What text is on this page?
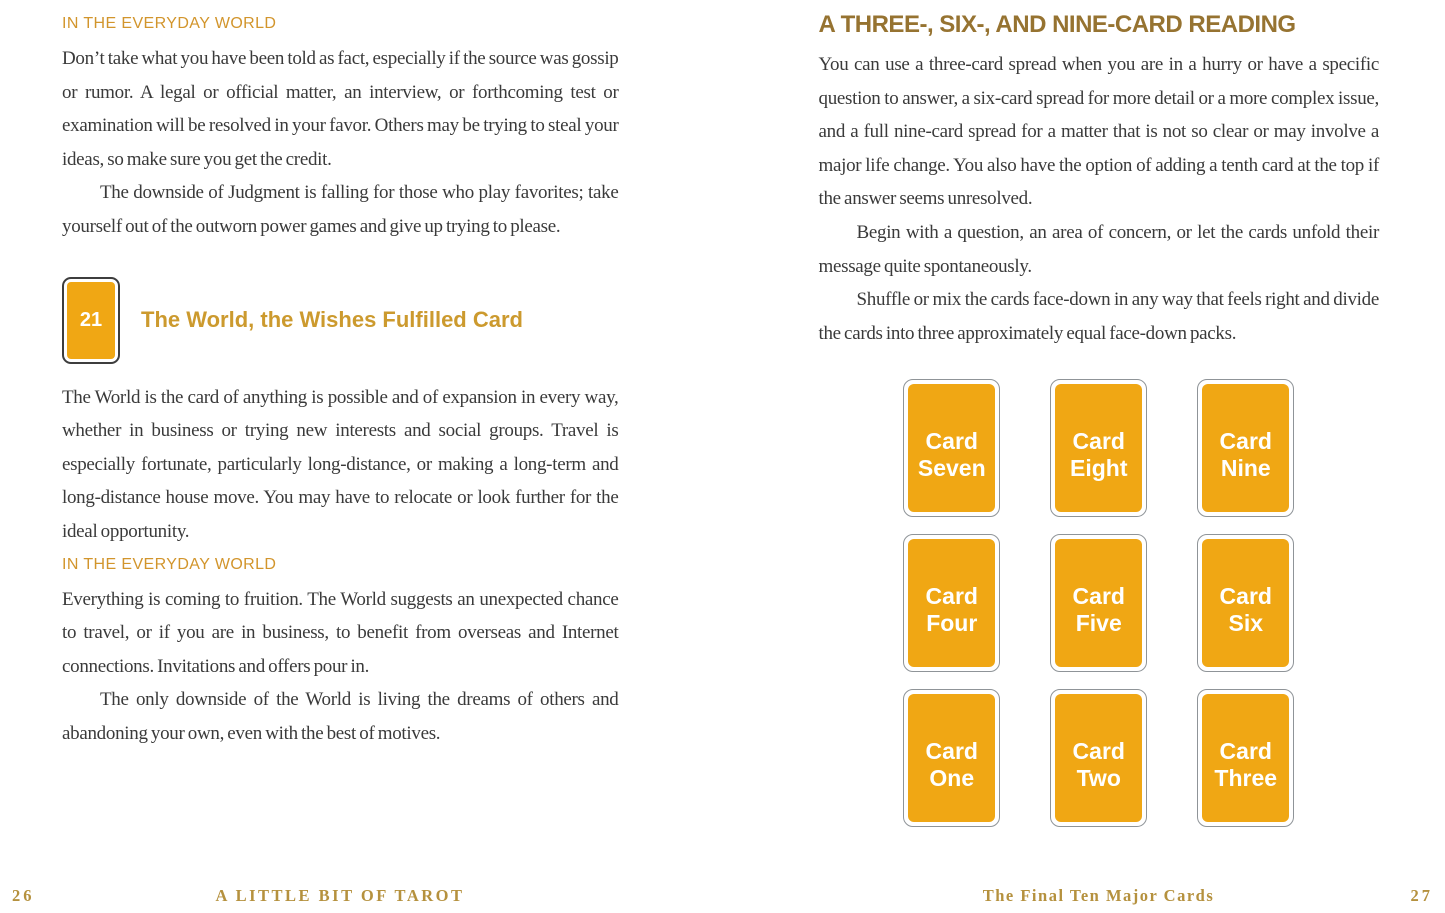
IN THE EVERYDAY WORLD

Don’t take what you have been told as fact, especially if the source was gossip or rumor. A legal or official matter, an interview, or forthcoming test or examination will be resolved in your favor. Others may be trying to steal your ideas, so make sure you get the credit.

The downside of Judgment is falling for those who play favorites; take yourself out of the outworn power games and give up trying to please.

21 The World, the Wishes Fulfilled Card

The World is the card of anything is possible and of expansion in every way, whether in business or trying new interests and social groups. Travel is especially fortunate, particularly long-distance, or making a long-term and long-distance house move. You may have to relocate or look further for the ideal opportunity.

IN THE EVERYDAY WORLD

Everything is coming to fruition. The World suggests an unexpected chance to travel, or if you are in business, to benefit from overseas and Internet connections. Invitations and offers pour in.

The only downside of the World is living the dreams of others and abandoning your own, even with the best of motives.

26	A LITTLE BIT OF TAROT
A THREE-, SIX-, AND NINE-CARD READING

You can use a three-card spread when you are in a hurry or have a specific question to answer, a six-card spread for more detail or a more complex issue, and a full nine-card spread for a matter that is not so clear or may involve a major life change. You also have the option of adding a tenth card at the top if the answer seems unresolved.

Begin with a question, an area of concern, or let the cards unfold their message quite spontaneously.

Shuffle or mix the cards face-down in any way that feels right and divide the cards into three approximately equal face-down packs.

Card Seven
Card Eight
Card Nine
Card Four
Card Five
Card Six
Card One
Card Two
Card Three
The Final Ten Major Cards	27
